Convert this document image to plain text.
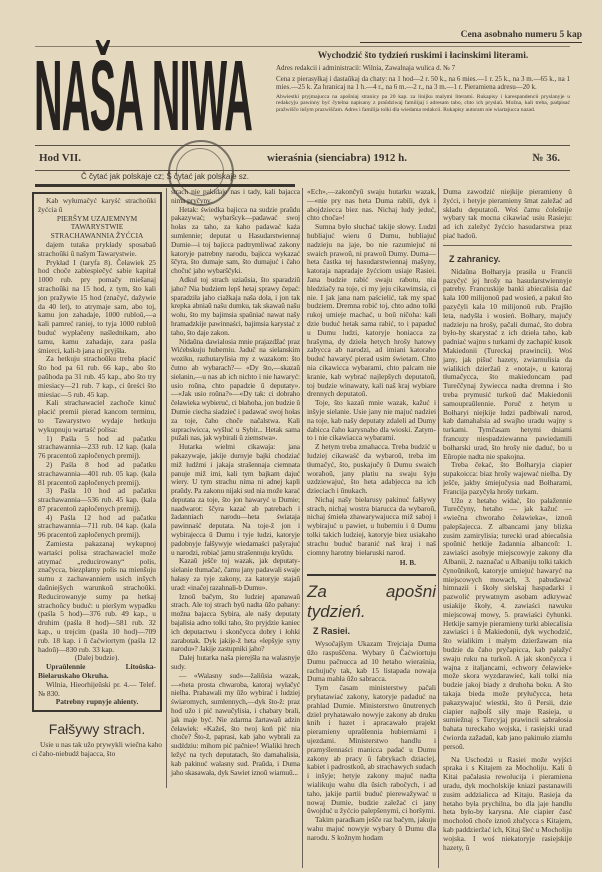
Cena asobnaho numeru 5 kap
NAŠA NIWA	Wychodzić što tydzień ruskimi i łacinskimi literami.
Adres redakcii i administracii: Wilnia, Zawalnaja wulica d. № 7
Cena z pierasyłkaj i dastaŭkaj da chaty: na 1 hod—2 r. 50 k., na 6 mies.—1 r. 25 k., na 3 m.—65 k., na 1 mies.—25 k. Za hranicaj na 1 h.—4 r., na 6 m.—2 r., na 3 m.—1 r. Pieramiena adresu—20 k.
Abwiestki pryjmajucca na apošniaj stranicy pa 20 kap. za linijku malymi literami. Rukapisy i karespandencii pryslanyje u redakcyju pawinny być čytelna napisany z praŭdziwaj familijaj i adresam tabo, chto ich pryslaŭ. Možna, kali treba, padpisać pražwiščo inšym prazwiščam. Adres i familija tolki dla wiedama redakcii. Rukapisy autoram nie wiartajucca nazad.
Hod VII.	wieraśnia (sienciabra) 1912 h.	№ 36.
Č čytać jak polskaje cz; Š čytać jak polskaje sz.

Kab wyłumačyć karyść strachoŭki žyćcia ŭ

PIERŠYM UZAJEMNYM TAWARYSTWIE STRACHAWANNIA ŽYĆCIA

dajem tutaka prykłady sposabaŭ strachoŭki ŭ našym Tawarystwie.

Prykład I (taryfa 8). Čeławiek 25 hod choče zabiespiečyć sabie kapitał 1000 rub. pry pomačy mieŝanaj strachoŭki na 15 hod, z tym, što kali jon pražywie 15 hod (značyć, dažywie da 40 let), to atrymaje sam, abo toj, kamu jon zahadaje, 1000 rubloŭ,—a kali pamreć raniej, to tyja 1000 rubloŭ buduć wypłačeny naślednikam, abo tamu, kamu zahadaje, zara paśla śmierci, kali-b jana ni pryjšła.

Za hetkuju strachoŭku treba płacić što hod pa 61 rub. 66 kap., abo što paŭhoda pa 31 rub. 45 kap., abo što try miesiacy—21 rub. 7 kap., ci ŭreści što miesiac—5 rub. 45 kap.

Kali strachawaciel zachoče kinuć płacić premii pierad kancom terminu, to Tawarystwo wydaje hetkuju wykupnuju wartaść polisa:

1) Paśla 5 hod ad pačatku strachawannia—233 rub. 12 kap. (kala 76 pracentoŭ zapłočenych premij).

2) Paśla 8 hod ad pačatku strachawannia—401 rub. 05 kap. (kala 81 pracentoŭ zapłočenych premij).

3) Paśla 10 hod ad pačatku strachawannia—536 rub. 45 kap. (kala 87 pracentoŭ zapłočenych premij).

4) Paśla 12 hod ad pačatku strachawannia—711 rub. 04 kap. (kala 96 pracentoŭ zapłočenych premij).

Zamiesta pakazanaj wykupnoj wartaści polisa strachawaciel može atrymać „reducirowany“ polis, značycca, biezpłatny polis na mienšuju sumu z zachawanniem usich inšych daŭniejšych warunkoŭ strachoŭki. Reducirowanyje sumy pa hetkaj strachoŭcy buduć: u pieršym wypadku (paśla 5 hod)—376 rub. 49 kap., u druhim (paśla 8 hod)—581 rub. 32 kap., u trejcim (paśla 10 hod)—709 rub. 18 kap. i ŭ čaćwiortym (paśla 12 hadoŭ)—830 rub. 33 kap.

(Dalej budzie).

Upraŭlennie Litoŭska-Biełaruskaho Okruha.

Wilnia, Hieorhijeŭski pr. 4.— Telef. № 830.

Patrebny rupnyje ahienty.

Fałšywy strach.

Usie u nas tak užo prywykli wiečna kaho ci čaho-niebudź bajacca, što

strach nie pakidaje nas i tady, kali bajacca nima pryčyny.

Hetak: świedka bajicca na sudzie praŭdu pakazywać; wybaršcyk—padawać swoj hołas za taho, za kaho padawać każa sumlennie; deputat u Hasudarstwiennaj Dumie—i toj bajicca padtrymliwać zakony katoryje patrebny narodu, bajicca wykazać ščyra, što dumaje sam, što dumajuć i čaho chočuć jaho wybarščyki.

Adkul toj strach uziaŭsia, što sparadziŭ jaho? Nia budziem lepš hetaj sprawy čepać: sparadziła jaho ciažkaja naša dola, i jon tak krepka abniaŭ našu dumku, tak skawaŭ našu wolu, što my bajimsia spaŭniać nawat našy hramadzkije pawinnaści, bajimsia karystać z taho, što daje zakon.

Nidaŭna dawialosia mnie prajazdžać praz Wićebskuju huberniu. Jaduč na sielanskim woziku, razhutarylisia my z wazakom: što čutno ab wybarach?— «Dy što,—skazaŭ sielanin,—u nas ab ich nichto i nie hawaryć: usio roŭna, chto papadzie ŭ deputaty».—«Jak usio roŭna?»—«Dy tak: ci dobraho čeławieka wybieruć, ci błahoha, jon budzie ŭ Dumie ciecha siadzieć i padawać swoj hołas za toje, čaho choče načalstwa. Kali supraciwicca, wyšluć u Sybir... Hetak sama pužali nas, jak wybirali ŭ ziemstwa».

Hutarka wielmi cikawaja: jana pakazywaje, jakije durnyje bajki chodziać miž ludźmi i jakaja strašennaja ciemnata panuje miž imi, kali tym bajkam dajuć wiery. U tym strachu nima ni adnej kapli praŭdy. Pa zakonu nijaki sud nia može karać deputata za toje, što jon hawaryć u Dumie; naadwarot: ščyra kazać ab patrebach i žadanniach narodu—heta świataja pawinnaść deputata. Na toje-ž jon i wybirajecca ŭ Dumu i tyje ludzi, katoryje padobnyje fałšywyje wiedamaści pašyrajuć u narodzi, robiać jamu strašennuju kryŭdu.

Kazaŭ ješče toj wazak, jak deputaty-sielanie tłumačać, čamu jany padawali swaje hałasy za tyje zakony, za katoryje stajaŭ urad: «inačej razahnali-b Dumu».

Iznoŭ bačym, što ludziej apanawaŭ strach. Ale toj strach byŭ nadta ŭžo pahany: možna bajacca Sybira, ale našy deputaty bajalisia adno tolki taho, što pryjdzie kaniec ich deputactwu i skončycca dobry i łohki zarabotak. Dyk jakije-ž heta «lepšyje syny narodu»? Jakije zastupniki jaho?

Dalej hutarka naša pierejšła na walasnyje sudy.

— «Walasny sud»—žaliŭsia wazak,—«heta prosta chwaroba, katoraj wyłačyć nielha. Prabawali my ŭžo wybirać i ludziej świaromych, sumlennych,—dyk što-ž: praz hod užo i pić nawučylisia, i chabary brali, jak maje być. Nie zdarma žartawaŭ adzin čeławiek: «Kažeš, što twoj koń pić nia choče? Što-ž, paprasi, kab jaho wybrali za sudździu: mihom pić pačnie»! Wialiki hrech ležyć na tych deputatach, što damahalisia, kab pakinuć walasny sud. Praŭda, i Duma jaho skasawała, dyk Sawiet iznoŭ wiarnuŭ...

«Ech»,—zakončyŭ swaju hutarku wazak,—«nie pry nas heta Duma rabili, dyk i abojdziecca biez nas. Nichaj ludy jeduć, chto choča»!

Sumna było słuchać takije słowy. Ludzi hubliajuć wieru ŭ Dumu, hubliajuć nadzieju na jaje, bo nie razumiejuć ni swaich prawoŭ, ni prawoŭ Dumy. Duma—heta častka tej hasudarstwiennaj mašyny, katoraja napradaje žyćciom usiaje Rasiei. Jana budzie rabić swaju rabotu, nia hledziačy na toje, ci my jeju cikawimsia, ci nie. I jak jana nam paścielić, tak my spać budziem. Dremna robić toj, chto adno tolki rukoj umieje machać, u boŭ ničoha: kali dzie buduć hetak sama rabić, to i papaduć u Dumu ludzi, katoryje honiacca za hrašyma, dy dzieła hetych hrošy hatowy zabycca ab narodzi, ad imiani katoraho buduć hawaryć pierad usim świetam. Chto nia cikawicca wybarami, chto palcam nie kranie, kab wybrać najlepšych deputatoŭ, toj budzie winawaty, kali naš kraj wybiare drennych deputatoŭ.

Toje, što kazaŭ mnie wazak, kažuć i inšyje sielanie. Usie jany nie majuć nadziei na toje, kab našy deputaty zdaleli ad Dumy dabicca čaho karysnaho dla wioski. Zatym-to i nie cikawiacca wybarami.

Z hetym treba zmahacca. Treba budzić u ludziej cikawaść da wybaroŭ, treba im tłumačyć, što, puskajučy ŭ Dumu swaich woraħoŭ, jany płatiu na swaju šyju uzdziewajuć, što heta adabjecca na ich dzieciach i ŭnukach.

Nichaj našy biełarusy pakinuć fałšywy strach, nichaj wostra biarucca da wybaroŭ, nichaj śmieła zhawarywajucca miž saboj i wybirajuć u pawiet, u huberniu i ŭ Dumu tolki takich ludziej, katoryje biez usiakaho strachu buduć baranić naš kraj i naš ciomny harotny biełaruski narod.

H. B.
Za apošni tydzień.
Z Rasiei.

Wysočajšym Ukazam Trejciaja Duma ŭžo raspuščena. Wybary ŭ Čaćwiortuju Dumu pačnucca ad 10 hetaho wieraśnia, rachujučy tak, kab 15 listapada nowaja Duma mahła ŭžo sabracca.

Tym časam ministerstwy pačali pryhatawiać zakony, katoryje padaduć na prahlad Dumie. Ministerstwo ŭnutrenych dziel pryhatawało nowyje zakony ab druku knih i hazet i apracawało prajekt pieramieny upraŭlennia hubierniami i ujezdami. Ministerstwo handlu i pramyślennaści manicca padać u Dumu zakony ab pracy ŭ fabrykach dziaciej, kabiet i padrostkoŭ, ab strachawych sudach i inšyje; hetyje zakony majuć nadta wialikuju wahu dla ŭsich rabočych, i ad taho, jakije partii buduć pierewažywać u nowaj Dumie, budzie zaležać ci jany ŭwojduć u žyćcio palepšenymi, ci horšymi.

Takim paradkam ješče raz bačym, jakuju wahu majuć nowyje wybary ŭ Dumu dla narodu. S kožnym hodam

Duma zawodzić niejkije pieramieny ŭ žyćci, i hetyje pieramieny šmat zaležać ad składu deputatoŭ. Woś čamu ćolešnije wybary tak mocna cikawiać usiu Rasieju: ad ich zaležyć žyćcio hasudarstwa praz piać hadoŭ.

Z zahranicy.

Nidaŭna Bołharyja prasiła u Francii pazyčyć jej hrošy na hasudarstwiennyje patreby. Francuskije banki abiecalisia dać kala 100 milijonoŭ pad wosień, a pakul što pazyčyli kala 10 milijonoŭ rub. Prajšło leta, nadyšła i wosień. Bołhary, majučy nadzieju na hrošy, pačali dumać, što dobra było-by skarystać z ich dzieła taho, kab padniać wajnu s turkami dy zachapić kusok Makiedonii (Tureckaj prawincii). Woś jany, jak pišuć hazety, zwiarnulisia da wialikich dzieržaŭ z «notaj», u katoraj tłumačycca, što makiedoncam pad Tureččynaj žywiecca nadta dremna i što treba prymusić turkoŭ dać Makiedonii samoupraŭlennie. Poruč z hetym u Bołharyi niejkije ludzi padbiwali narod, kab damahalsia ad swajho uradu wajny s turkami. Tymčasam hetymi dniami francuzy niespadziewanna pawiedamili bołharski urad, što hrošy nie daduć, bo u Eŭropie nadta nie spakojna.

Treba čekać, što Bołharyja ciapier supakoicca: biaz hrošy wajewać nielha. Dy ješče, jakby śmiejučysia nad Bołharami, Francija pazyčyła hrošy turkam.

Užo z hetaho widać, što pałažennie Tureččyny, hetaho — jak kažuć — «wiečna chworaho čeławieka», iznoŭ palepšajecca. Z albancami jany blizka zusim zamirylisia; turecki urad abiecaŭsia spoŭnić hetkije žadannia albancoŭ: 1. zawiaści asobyje miejscowyje zakony dla Albanii, 2. naznačać u Albaniju tolki takich čynoŭnikoŭ, katoryje umiejuć hawaryć na miejscowych mowach, 3. pabudawać himnazii i škoły sielskaj haspadarki i pazwolić prywatnym asobam adkrywać usiakije škoły, 4. zawiaści nawuku miejscowaj mowy, 5. prawiaści čyhunki. Hetkije samyje pieramieny turki abiecalisia zawiaści i ŭ Makiedonii, dyk wychodzić, što wialikim i małym dzieržawam nia budzie da čaho pryčapicca, kab pałažyć swaju ruku na turkoŭ. A jak skončycca i wajna z italjancami, «chwory čeławiek» može skora wyzdarawieć, kali tolki nia budzie jakoj biady z druhoha boku. A što takaja bieda može pryłučycca, heta pakazywajuć wiestki, što ŭ Persii, dzie ciapier najboĺš siły maje Rasieja, u sumiežnaj s Turcyjaj prawincii sabrałosia bahata tureckaho wojska, i rasiejski urad ćwiorda zažadaŭ, kab jano pakinuło ziamlu persoŭ.

Na Uschodzi u Rasiei može wyjści spraka i s Kitajem za Mocholiju. Kali ŭ Kitai pačałasia rewolucija i pieramiena uradu, dyk mocholskije kniazi pastanawili zusim addzialicca ad Kitaju. Rasieja da hetaho była prychilna, bo dla jaje handlu heta było-by karysna. Ale ciapier časć mocholoŭ choče iznoŭ złučycca s Kitajem, kab paddzieržać ich, Kitaj šleć u Mocholiju wojska. I woś niekatoryje rasiejskije hazety, ŭ
